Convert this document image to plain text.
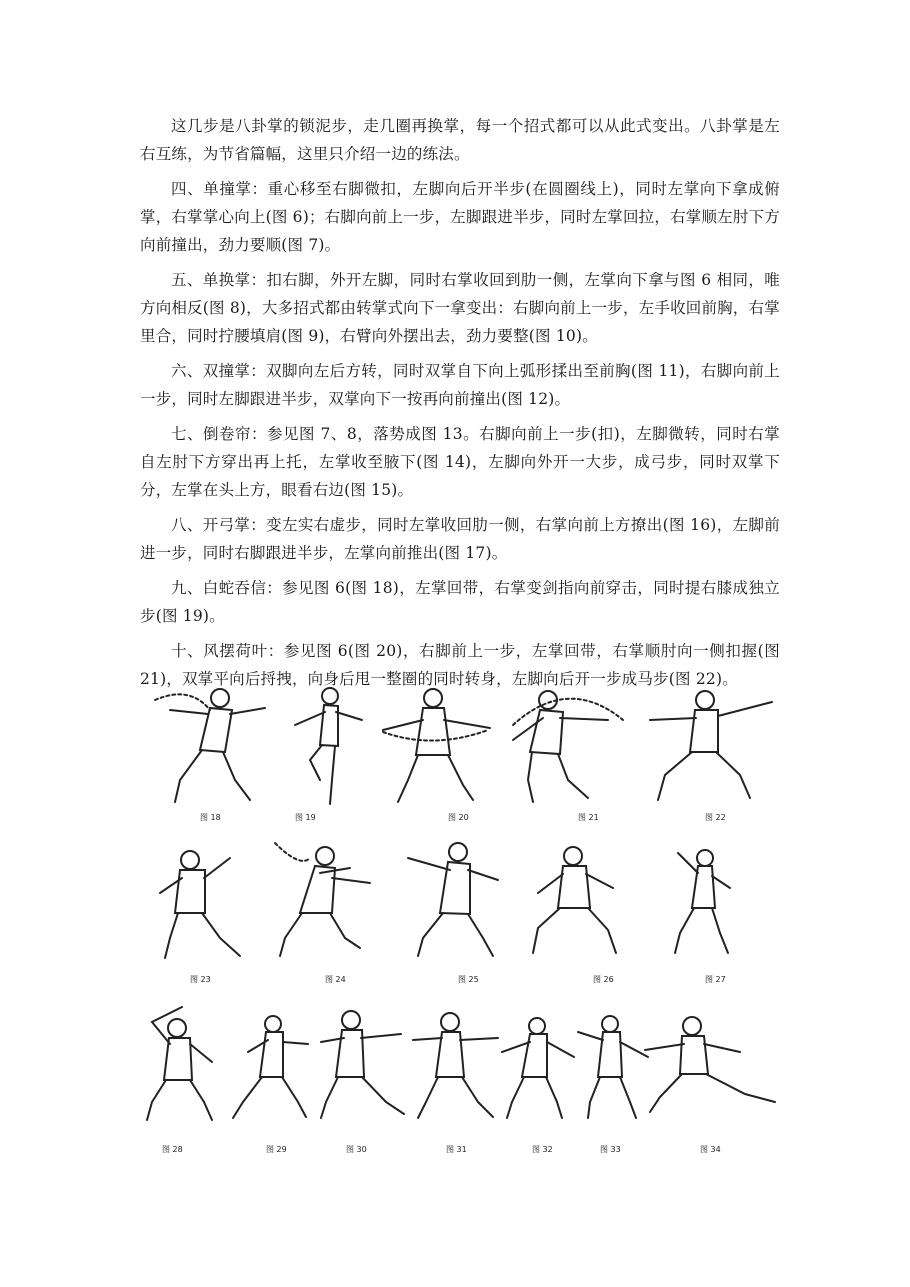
这几步是八卦掌的锁泥步，走几圈再换掌，每一个招式都可以从此式变出。八卦掌是左右互练，为节省篇幅，这里只介绍一边的练法。

四、单撞掌：重心移至右脚微扣，左脚向后开半步(在圆圈线上)，同时左掌向下拿成俯掌，右掌掌心向上(图 6)；右脚向前上一步，左脚跟进半步，同时左掌回拉，右掌顺左肘下方向前撞出，劲力要顺(图 7)。

五、单换掌：扣右脚，外开左脚，同时右掌收回到肋一侧，左掌向下拿与图 6 相同，唯方向相反(图 8)，大多招式都由转掌式向下一拿变出：右脚向前上一步，左手收回前胸，右掌里合，同时拧腰填肩(图 9)，右臂向外摆出去，劲力要整(图 10)。

六、双撞掌：双脚向左后方转，同时双掌自下向上弧形揉出至前胸(图 11)，右脚向前上一步，同时左脚跟进半步，双掌向下一按再向前撞出(图 12)。

七、倒卷帘：参见图 7、8，落势成图 13。右脚向前上一步(扣)，左脚微转，同时右掌自左肘下方穿出再上托，左掌收至腋下(图 14)，左脚向外开一大步，成弓步，同时双掌下分，左掌在头上方，眼看右边(图 15)。

八、开弓掌：变左实右虚步，同时左掌收回肋一侧，右掌向前上方撩出(图 16)，左脚前进一步，同时右脚跟进半步，左掌向前推出(图 17)。

九、白蛇吞信：参见图 6(图 18)，左掌回带，右掌变剑指向前穿击，同时提右膝成独立步(图 19)。

十、风摆荷叶：参见图 6(图 20)，右脚前上一步，左掌回带，右掌顺肘向一侧扣握(图 21)，双掌平向后捋拽，向身后甩一整圈的同时转身，左脚向后开一步成马步(图 22)。

图 18	图 19	图 20	图 21	图 22
图 23	图 24	图 25	图 26	图 27
图 28	图 29	图 30	图 31	图 32	图 33	图 34
